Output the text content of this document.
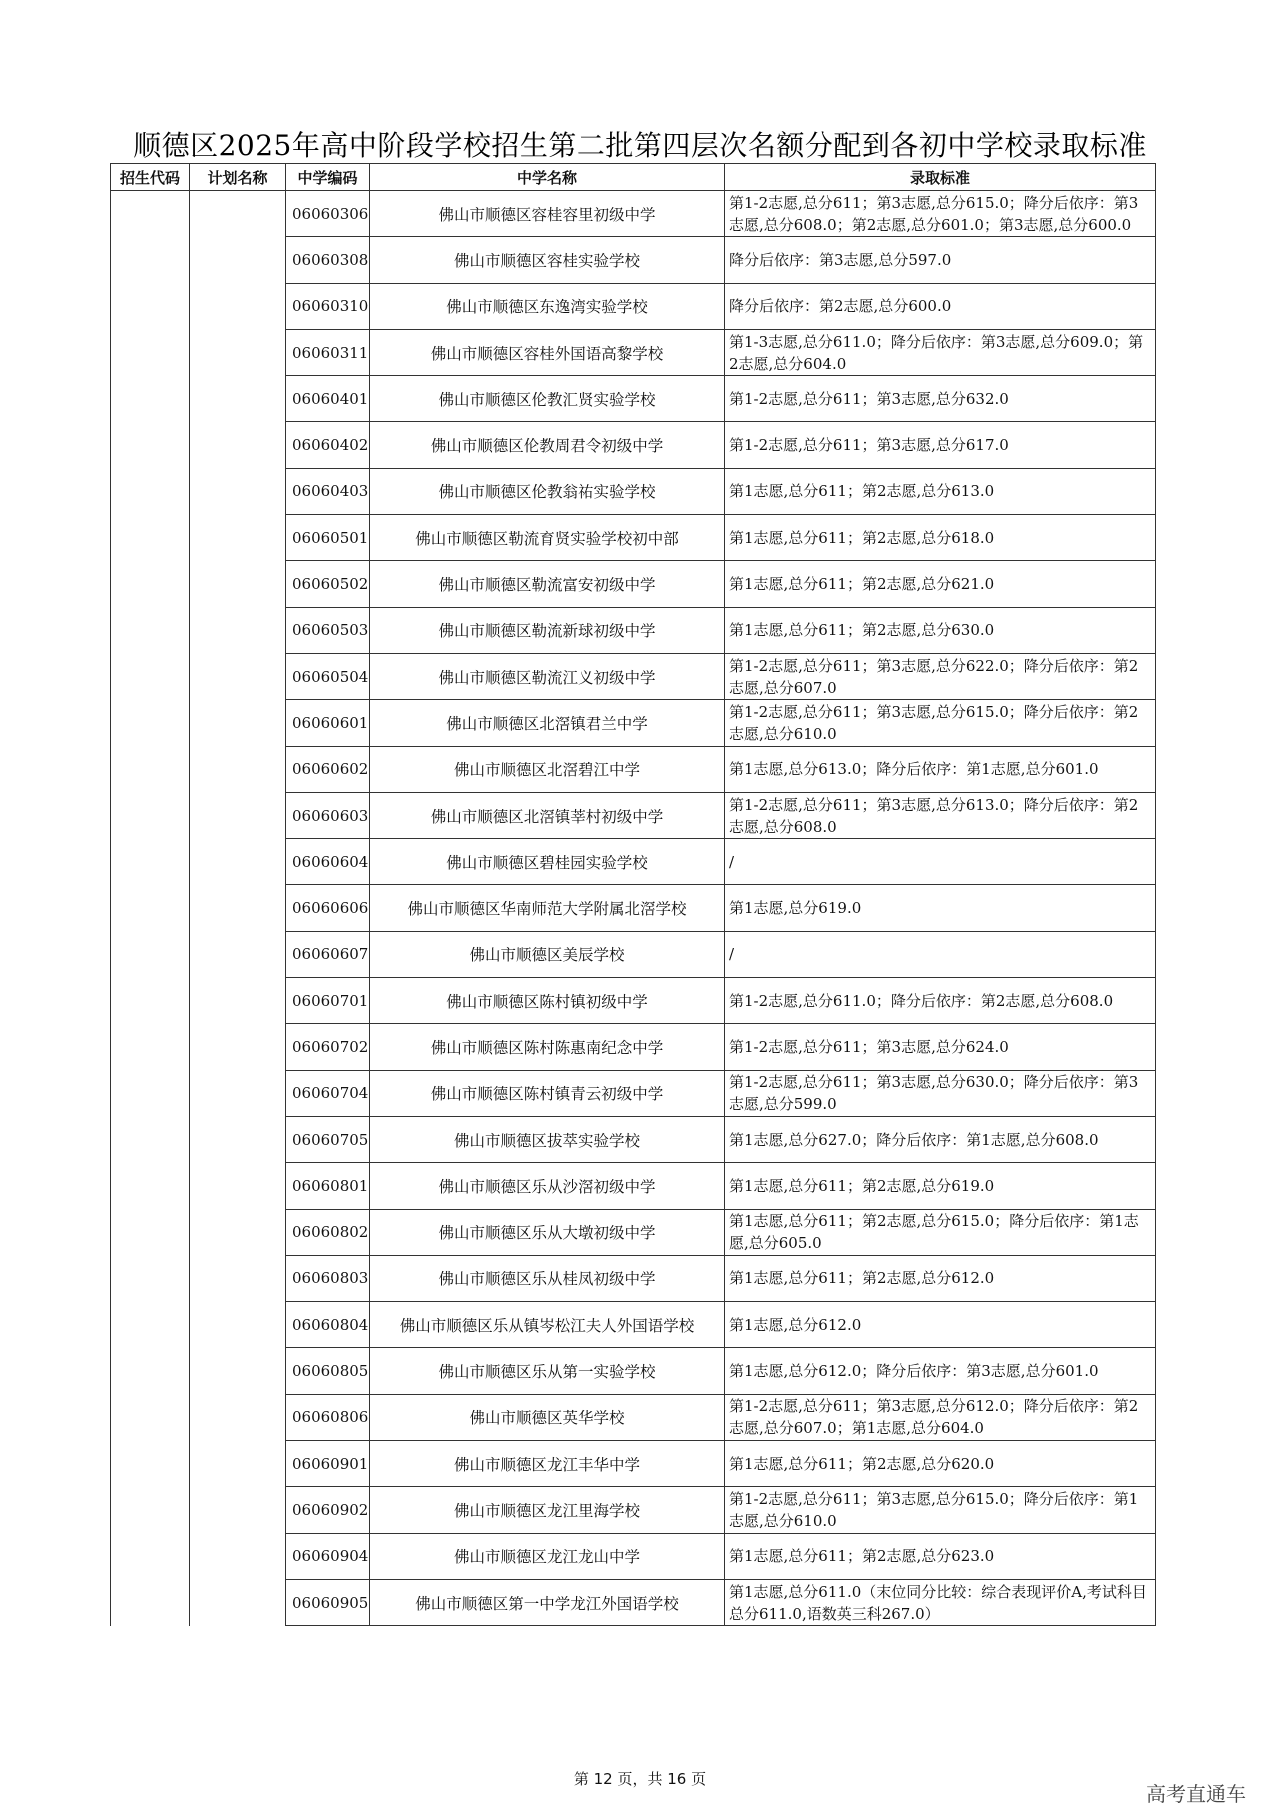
顺德区2025年高中阶段学校招生第二批第四层次名额分配到各初中学校录取标准
招生代码	计划名称	中学编码	中学名称	录取标准
		06060306	佛山市顺德区容桂容里初级中学	第1-2志愿,总分611；第3志愿,总分615.0；降分后依序：第3志愿,总分608.0；第2志愿,总分601.0；第3志愿,总分600.0
		06060308	佛山市顺德区容桂实验学校	降分后依序：第3志愿,总分597.0
		06060310	佛山市顺德区东逸湾实验学校	降分后依序：第2志愿,总分600.0
		06060311	佛山市顺德区容桂外国语高黎学校	第1-3志愿,总分611.0；降分后依序：第3志愿,总分609.0；第2志愿,总分604.0
		06060401	佛山市顺德区伦教汇贤实验学校	第1-2志愿,总分611；第3志愿,总分632.0
		06060402	佛山市顺德区伦教周君令初级中学	第1-2志愿,总分611；第3志愿,总分617.0
		06060403	佛山市顺德区伦教翁祐实验学校	第1志愿,总分611；第2志愿,总分613.0
		06060501	佛山市顺德区勒流育贤实验学校初中部	第1志愿,总分611；第2志愿,总分618.0
		06060502	佛山市顺德区勒流富安初级中学	第1志愿,总分611；第2志愿,总分621.0
		06060503	佛山市顺德区勒流新球初级中学	第1志愿,总分611；第2志愿,总分630.0
		06060504	佛山市顺德区勒流江义初级中学	第1-2志愿,总分611；第3志愿,总分622.0；降分后依序：第2志愿,总分607.0
		06060601	佛山市顺德区北滘镇君兰中学	第1-2志愿,总分611；第3志愿,总分615.0；降分后依序：第2志愿,总分610.0
		06060602	佛山市顺德区北滘碧江中学	第1志愿,总分613.0；降分后依序：第1志愿,总分601.0
		06060603	佛山市顺德区北滘镇莘村初级中学	第1-2志愿,总分611；第3志愿,总分613.0；降分后依序：第2志愿,总分608.0
		06060604	佛山市顺德区碧桂园实验学校	/
		06060606	佛山市顺德区华南师范大学附属北滘学校	第1志愿,总分619.0
		06060607	佛山市顺德区美辰学校	/
		06060701	佛山市顺德区陈村镇初级中学	第1-2志愿,总分611.0；降分后依序：第2志愿,总分608.0
		06060702	佛山市顺德区陈村陈惠南纪念中学	第1-2志愿,总分611；第3志愿,总分624.0
		06060704	佛山市顺德区陈村镇青云初级中学	第1-2志愿,总分611；第3志愿,总分630.0；降分后依序：第3志愿,总分599.0
		06060705	佛山市顺德区拔萃实验学校	第1志愿,总分627.0；降分后依序：第1志愿,总分608.0
		06060801	佛山市顺德区乐从沙滘初级中学	第1志愿,总分611；第2志愿,总分619.0
		06060802	佛山市顺德区乐从大墩初级中学	第1志愿,总分611；第2志愿,总分615.0；降分后依序：第1志愿,总分605.0
		06060803	佛山市顺德区乐从桂凤初级中学	第1志愿,总分611；第2志愿,总分612.0
		06060804	佛山市顺德区乐从镇岑松江夫人外国语学校	第1志愿,总分612.0
		06060805	佛山市顺德区乐从第一实验学校	第1志愿,总分612.0；降分后依序：第3志愿,总分601.0
		06060806	佛山市顺德区英华学校	第1-2志愿,总分611；第3志愿,总分612.0；降分后依序：第2志愿,总分607.0；第1志愿,总分604.0
		06060901	佛山市顺德区龙江丰华中学	第1志愿,总分611；第2志愿,总分620.0
		06060902	佛山市顺德区龙江里海学校	第1-2志愿,总分611；第3志愿,总分615.0；降分后依序：第1志愿,总分610.0
		06060904	佛山市顺德区龙江龙山中学	第1志愿,总分611；第2志愿,总分623.0
		06060905	佛山市顺德区第一中学龙江外国语学校	第1志愿,总分611.0（末位同分比较：综合表现评价A,考试科目总分611.0,语数英三科267.0）
第 12 页，共 16 页
高考直通车
